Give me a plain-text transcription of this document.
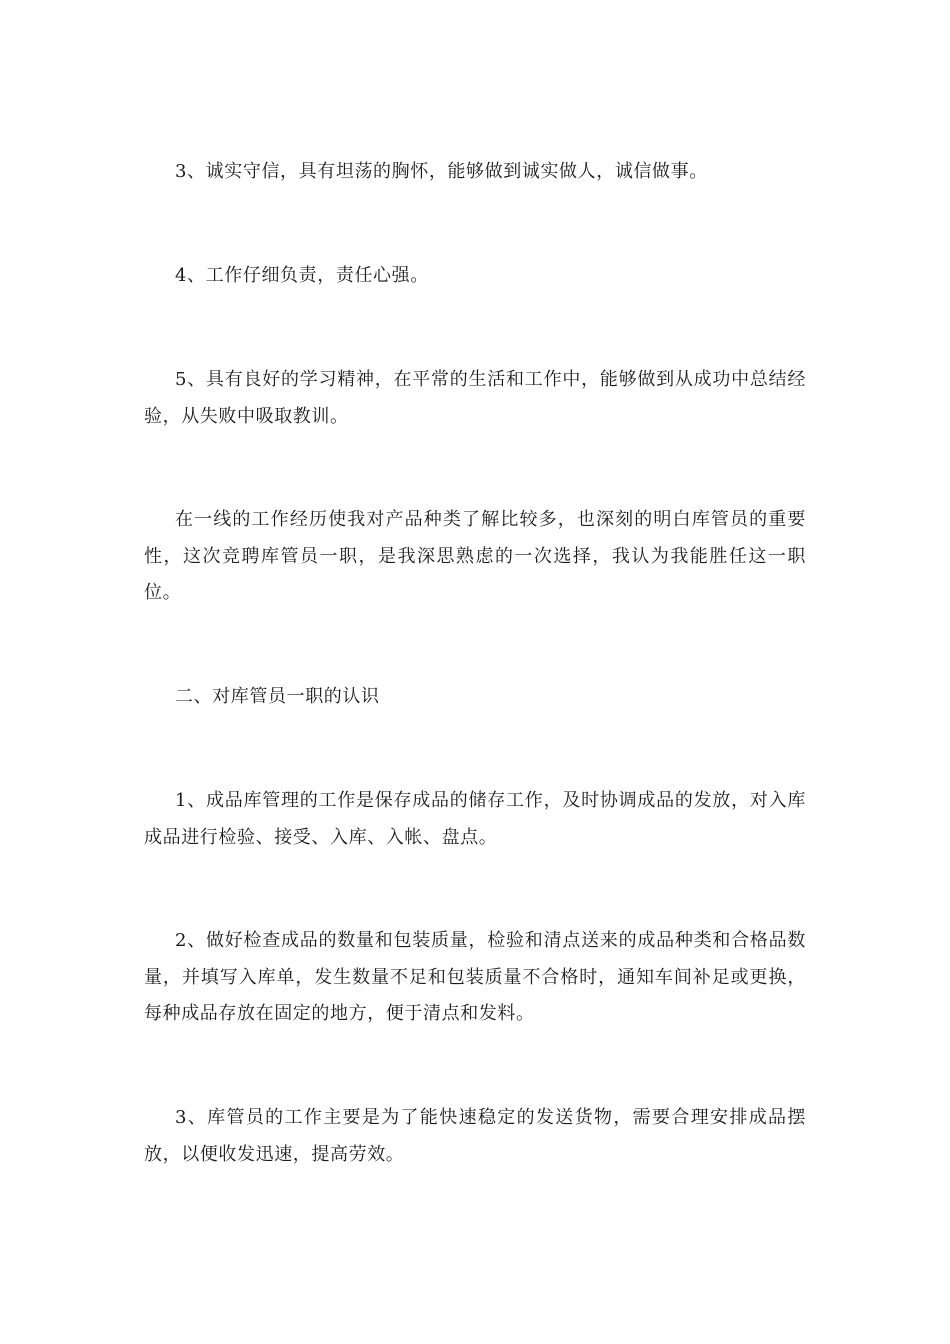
3、诚实守信，具有坦荡的胸怀，能够做到诚实做人，诚信做事。

4、工作仔细负责，责任心强。

5、具有良好的学习精神，在平常的生活和工作中，能够做到从成功中总结经验，从失败中吸取教训。

在一线的工作经历使我对产品种类了解比较多，也深刻的明白库管员的重要性，这次竞聘库管员一职，是我深思熟虑的一次选择，我认为我能胜任这一职位。

二、对库管员一职的认识

1、成品库管理的工作是保存成品的储存工作，及时协调成品的发放，对入库成品进行检验、接受、入库、入帐、盘点。

2、做好检查成品的数量和包装质量，检验和清点送来的成品种类和合格品数量，并填写入库单，发生数量不足和包装质量不合格时，通知车间补足或更换，每种成品存放在固定的地方，便于清点和发料。

3、库管员的工作主要是为了能快速稳定的发送货物，需要合理安排成品摆放，以便收发迅速，提高劳效。
